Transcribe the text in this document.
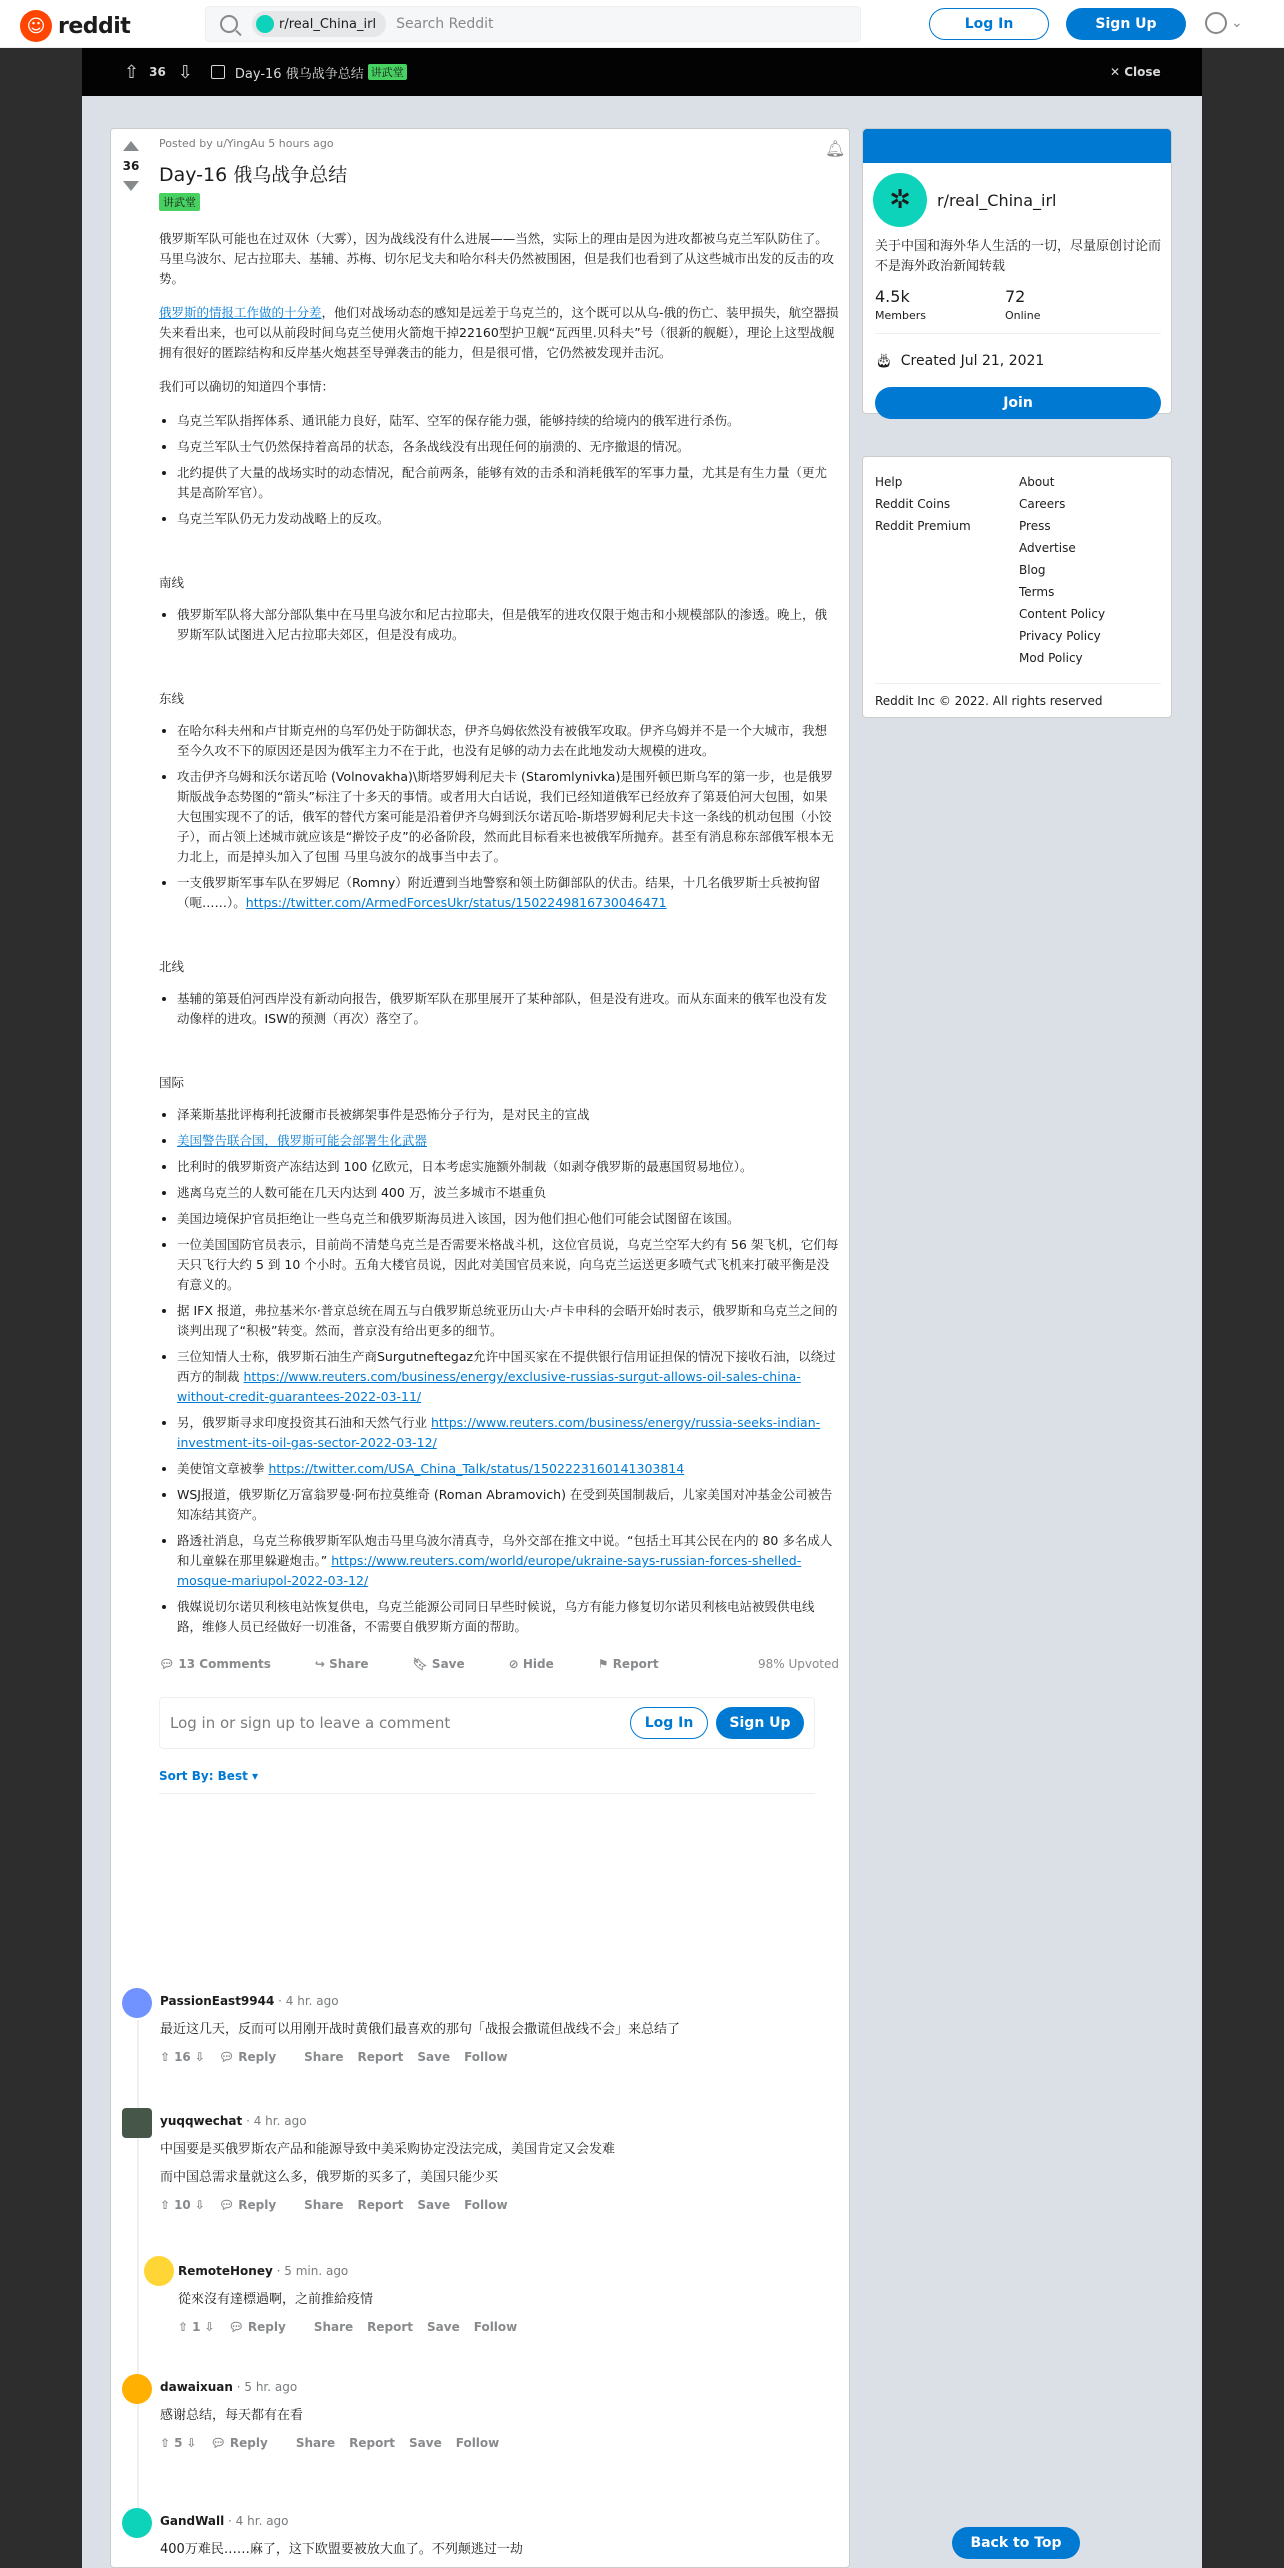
☺ reddit	r/real_China_irl Search Reddit	Log In	Sign Up	⌄
⇧ 36 ⇩	Day-16 俄乌战争总结 讲武堂	✕ Close
36
🔔︎
Posted by u/YingAu 5 hours ago
Day-16 俄乌战争总结
讲武堂

俄罗斯军队可能也在过双休（大雾），因为战线没有什么进展——当然，实际上的理由是因为进攻都被乌克兰军队防住了。马里乌波尔、尼古拉耶夫、基辅、苏梅、切尔尼戈夫和哈尔科夫仍然被围困，但是我们也看到了从这些城市出发的反击的攻势。

俄罗斯的情报工作做的十分差，他们对战场动态的感知是远差于乌克兰的，这个既可以从乌-俄的伤亡、装甲损失，航空器损失来看出来，也可以从前段时间乌克兰使用火箭炮干掉22160型护卫舰“瓦西里.贝科夫”号（很新的舰艇），理论上这型战舰拥有很好的匿踪结构和反岸基火炮甚至导弹袭击的能力，但是很可惜，它仍然被发现并击沉。

我们可以确切的知道四个事情：

• 乌克兰军队指挥体系、通讯能力良好，陆军、空军的保存能力强，能够持续的给境内的俄军进行杀伤。
• 乌克兰军队士气仍然保持着高昂的状态，各条战线没有出现任何的崩溃的、无序撤退的情况。
• 北约提供了大量的战场实时的动态情况，配合前两条，能够有效的击杀和消耗俄军的军事力量，尤其是有生力量（更尤其是高阶军官）。
• 乌克兰军队仍无力发动战略上的反攻。
南线
• 俄罗斯军队将大部分部队集中在马里乌波尔和尼古拉耶夫，但是俄军的进攻仅限于炮击和小规模部队的渗透。晚上，俄罗斯军队试图进入尼古拉耶夫郊区，但是没有成功。
东线
• 在哈尔科夫州和卢甘斯克州的乌军仍处于防御状态，伊齐乌姆依然没有被俄军攻取。伊齐乌姆并不是一个大城市，我想至今久攻不下的原因还是因为俄军主力不在于此，也没有足够的动力去在此地发动大规模的进攻。
• 攻击伊齐乌姆和沃尔诺瓦哈 (Volnovakha)\斯塔罗姆利尼夫卡 (Staromlynivka)是围歼顿巴斯乌军的第一步，也是俄罗斯版战争态势图的“箭头”标注了十多天的事情。或者用大白话说，我们已经知道俄军已经放弃了第聂伯河大包围，如果大包围实现不了的话，俄军的替代方案可能是沿着伊齐乌姆到沃尔诺瓦哈-斯塔罗姆利尼夫卡这一条线的机动包围（小饺子），而占领上述城市就应该是“擀饺子皮”的必备阶段，然而此目标看来也被俄军所抛弃。甚至有消息称东部俄军根本无力北上，而是掉头加入了包围 马里乌波尔的战事当中去了。
• 一支俄罗斯军事车队在罗姆尼（Romny）附近遭到当地警察和领土防御部队的伏击。结果，十几名俄罗斯士兵被拘留（呃……）。https://twitter.com/ArmedForcesUkr/status/1502249816730046471
北线
• 基辅的第聂伯河西岸没有新动向报告，俄罗斯军队在那里展开了某种部队，但是没有进攻。而从东面来的俄军也没有发动像样的进攻。ISW的预测（再次）落空了。
国际
• 泽莱斯基批评梅利托波爾市長被綁架事件是恐怖分子行为，是对民主的宣战
• 美国警告联合国，俄罗斯可能会部署生化武器
• 比利时的俄罗斯资产冻结达到 100 亿欧元，日本考虑实施额外制裁（如剥夺俄罗斯的最惠国贸易地位）。
• 逃离乌克兰的人数可能在几天内达到 400 万，波兰多城市不堪重负
• 美国边境保护官员拒绝让一些乌克兰和俄罗斯海员进入该国，因为他们担心他们可能会试图留在该国。
• 一位美国国防官员表示，目前尚不清楚乌克兰是否需要米格战斗机，这位官员说，乌克兰空军大约有 56 架飞机，它们每天只飞行大约 5 到 10 个小时。五角大楼官员说，因此对美国官员来说，向乌克兰运送更多喷气式飞机来打破平衡是没有意义的。
• 据 IFX 报道，弗拉基米尔·普京总统在周五与白俄罗斯总统亚历山大·卢卡申科的会晤开始时表示，俄罗斯和乌克兰之间的谈判出现了“积极”转变。然而，普京没有给出更多的细节。
• 三位知情人士称，俄罗斯石油生产商Surgutneftegaz允许中国买家在不提供银行信用证担保的情况下接收石油，以绕过西方的制裁 https://www.reuters.com/business/energy/exclusive-russias-surgut-allows-oil-sales-china-without-credit-guarantees-2022-03-11/
• 另，俄罗斯寻求印度投资其石油和天然气行业 https://www.reuters.com/business/energy/russia-seeks-indian-investment-its-oil-gas-sector-2022-03-12/
• 美使馆文章被拳 https://twitter.com/USA_China_Talk/status/1502223160141303814
• WSJ报道，俄罗斯亿万富翁罗曼·阿布拉莫维奇 (Roman Abramovich) 在受到英国制裁后，儿家美国对冲基金公司被告知冻结其资产。
• 路透社消息，乌克兰称俄罗斯军队炮击马里乌波尔清真寺，乌外交部在推文中说。“包括土耳其公民在内的 80 多名成人和儿童躲在那里躲避炮击。” https://www.reuters.com/world/europe/ukraine-says-russian-forces-shelled-mosque-mariupol-2022-03-12/
• 俄媒说切尔诺贝利核电站恢复供电，乌克兰能源公司同日早些时候说，乌方有能力修复切尔诺贝利核电站被毁供电线路，维修人员已经做好一切准备，不需要自俄罗斯方面的帮助。
💬︎ 13 Comments	↪ Share	🔖︎ Save	⊘ Hide	⚑ Report	98% Upvoted
Log in or sign up to leave a comment	Log In	Sign Up
Sort By: Best ▾
PassionEast9944 · 4 hr. ago
最近这几天，反而可以用刚开战时黄俄们最喜欢的那句「战报会撒谎但战线不会」来总结了
⇧ 16 ⇩ 💬︎ Reply	Share Report Save Follow
yuqqwechat · 4 hr. ago
中国要是买俄罗斯农产品和能源导致中美采购协定没法完成，美国肯定又会发难
而中国总需求量就这么多，俄罗斯的买多了，美国只能少买
⇧ 10 ⇩ 💬︎ Reply	Share Report Save Follow
RemoteHoney · 5 min. ago
從來沒有達標過啊，之前推給疫情
⇧ 1 ⇩ 💬︎ Reply	Share Report Save Follow
dawaixuan · 5 hr. ago
感谢总结，每天都有在看
⇧ 5 ⇩ 💬︎ Reply	Share Report Save Follow
GandWall · 4 hr. ago
400万难民……麻了，这下欧盟要被放大血了。不列颠逃过一劫
✲	r/real_China_irl
关于中国和海外华人生活的一切，尽量原创讨论而不是海外政治新闻转载
4.5k
Members
72
Online
🎂︎ Created Jul 21, 2021
Join
Help
Reddit Coins
Reddit Premium
About
Careers
Press
Advertise
Blog
Terms
Content Policy
Privacy Policy
Mod Policy
Reddit Inc © 2022. All rights reserved
Back to Top
